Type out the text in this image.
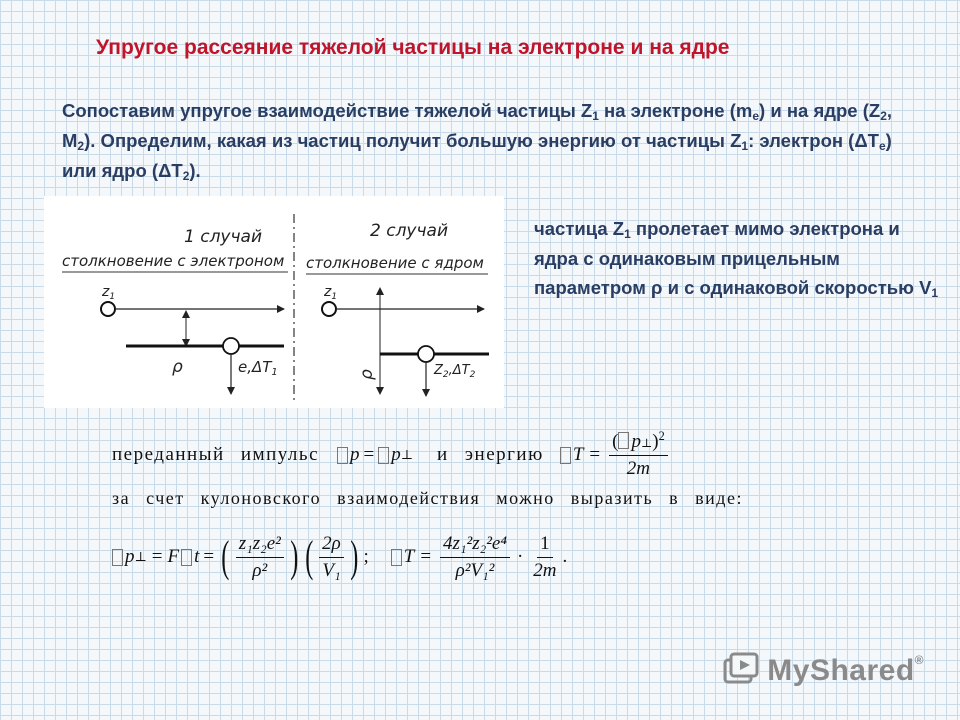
Упругое рассеяние тяжелой частицы на электроне и на ядре
Сопоставим упругое взаимодействие тяжелой частицы $Z_1$ на электроне $(m_e)$ и на ядре ($Z_2$, $M_2$). Определим, какая из частиц получит большую энергию от частицы $Z_1$: электрон $(\Delta T_e)$ или ядро $(\Delta T_2)$.
1 случай
столкновение с электроном
$z_1$
ρ	$e,\Delta T_1$
2 случай
столкновение с ядром
$z_1$
ρ	$Z_2,\Delta T_2$
частица $Z_1$ пролетает мимо электрона и ядра с одинаковым прицельным параметром ρ и с одинаковой скоростью $V_1$
переданный импульс p = p ⊥ и энергию $T = \frac{( p\perp)^2}{2m}$
за счет кулоновского взаимодействия можно выразить в виде:
p ⊥ = F t = ( $\frac{\text{z₁z₂e²}}{\text{ρ²}}$ ) ( $\frac{2\rho}{\text{V₁}}$ ) ; $T = \frac{\text{4z₁²z₂²e⁴}}{\text{ρ²V₁²}} \cdot \frac{1}{2m}$ .
MyShared®
